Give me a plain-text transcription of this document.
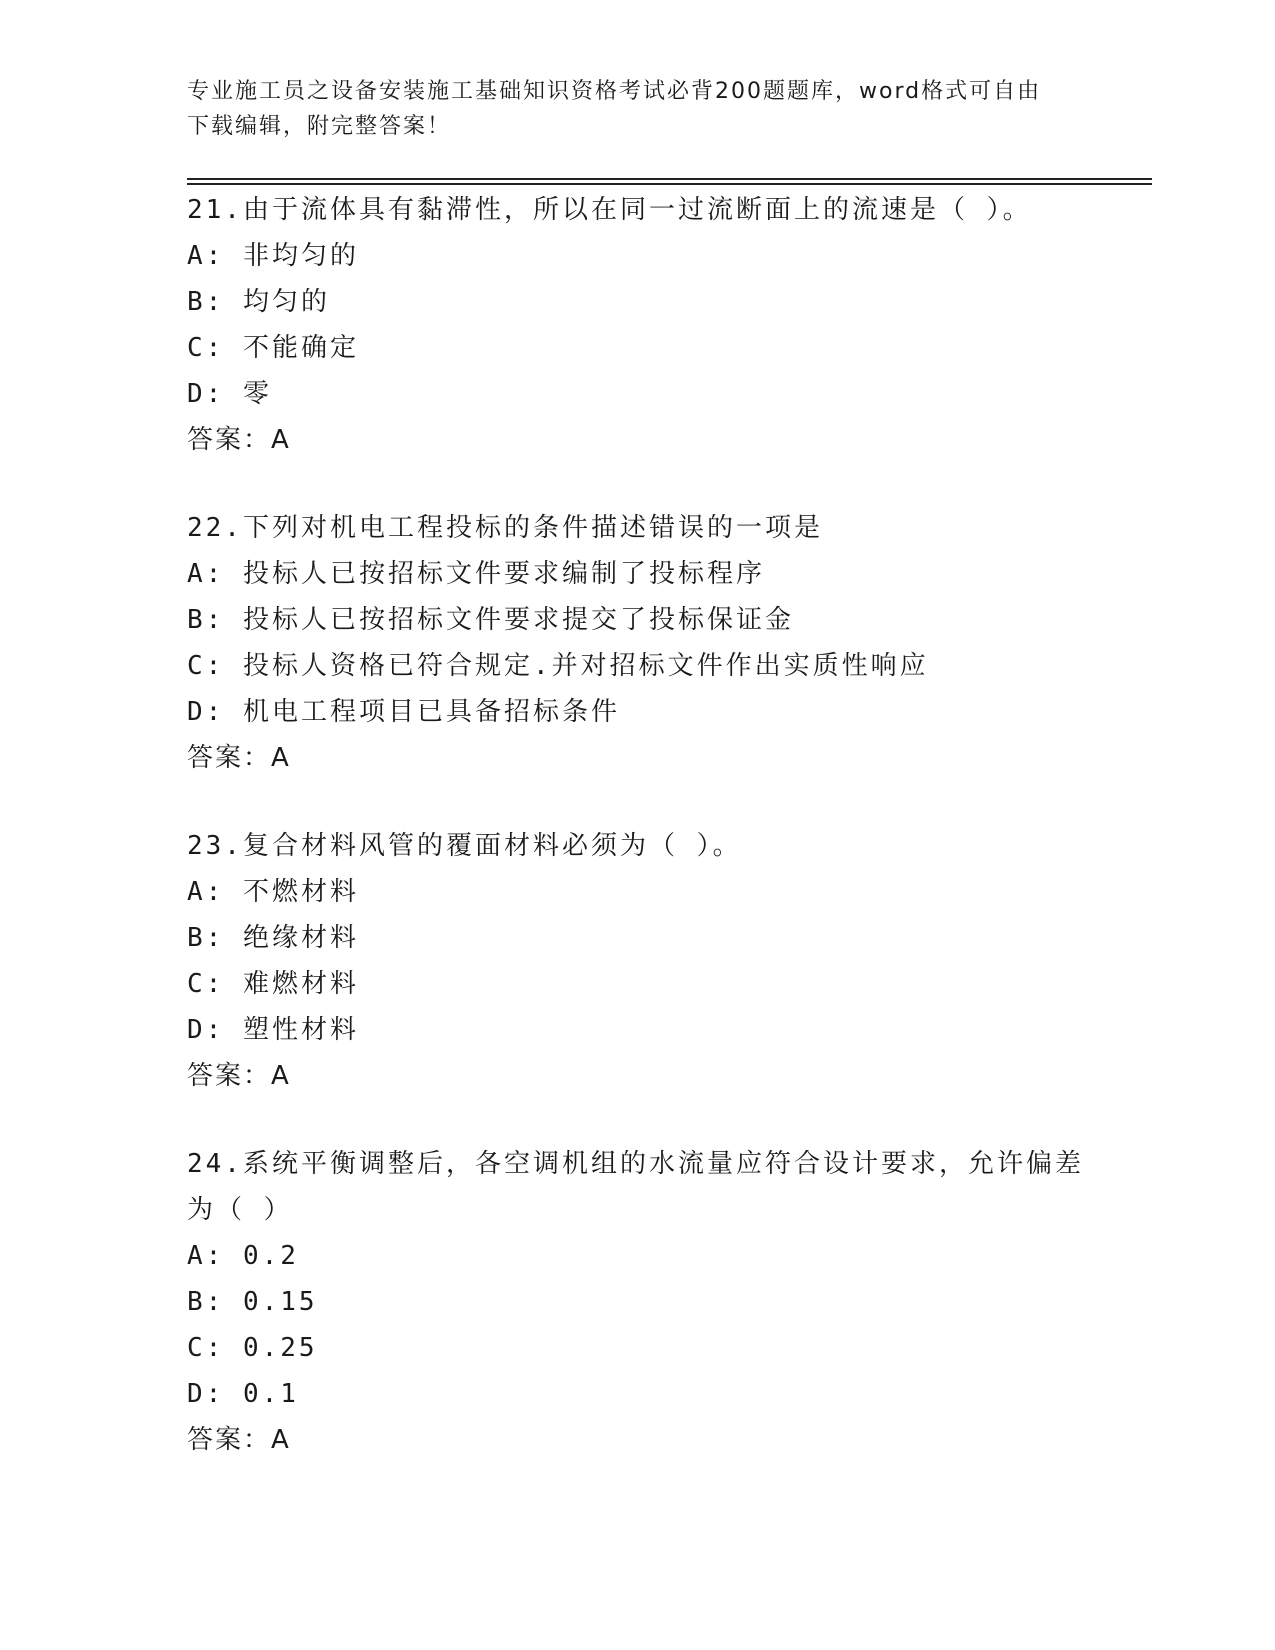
专业施工员之设备安装施工基础知识资格考试必背200题题库，word格式可自由
下载编辑，附完整答案！

21.由于流体具有黏滞性，所以在同一过流断面上的流速是（ ）。

A: 非均匀的

B: 均匀的

C: 不能确定

D: 零

答案：A

22.下列对机电工程投标的条件描述错误的一项是

A: 投标人已按招标文件要求编制了投标程序

B: 投标人已按招标文件要求提交了投标保证金

C: 投标人资格已符合规定.并对招标文件作出实质性响应

D: 机电工程项目已具备招标条件

答案：A

23.复合材料风管的覆面材料必须为（ ）。

A: 不燃材料

B: 绝缘材料

C: 难燃材料

D: 塑性材料

答案：A

24.系统平衡调整后，各空调机组的水流量应符合设计要求，允许偏差为（ ）

A: 0.2

B: 0.15

C: 0.25

D: 0.1

答案：A
